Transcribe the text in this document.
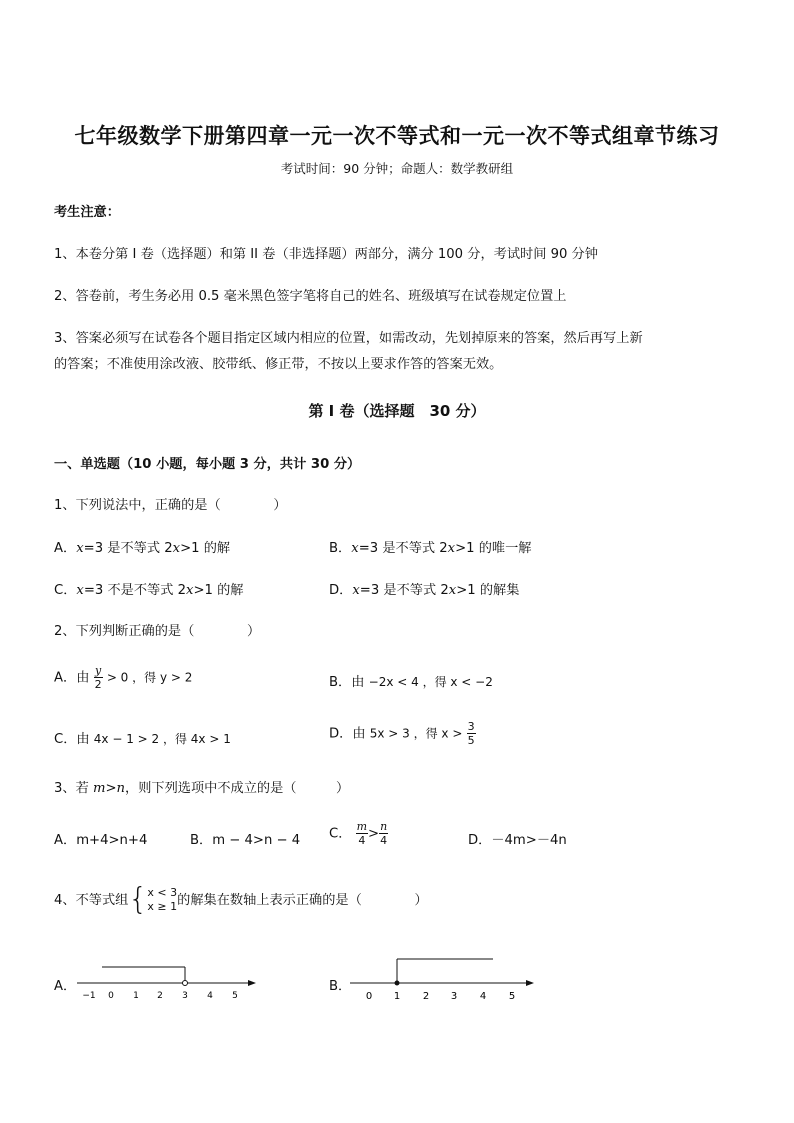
七年级数学下册第四章一元一次不等式和一元一次不等式组章节练习
考试时间：90 分钟；命题人：数学教研组
考生注意：
1、本卷分第 I 卷（选择题）和第 II 卷（非选择题）两部分，满分 100 分，考试时间 90 分钟
2、答卷前，考生务必用 0.5 毫米黑色签字笔将自己的姓名、班级填写在试卷规定位置上
3、答案必须写在试卷各个题目指定区域内相应的位置，如需改动，先划掉原来的答案，然后再写上新
的答案；不准使用涂改液、胶带纸、修正带，不按以上要求作答的答案无效。
第 I 卷（选择题　30 分）
一、单选题（10 小题，每小题 3 分，共计 30 分）
1、下列说法中，正确的是（　　　　）
A．x=3 是不等式 2x>1 的解	B．x=3 是不等式 2x>1 的唯一解
C．x=3 不是不等式 2x>1 的解	D．x=3 是不等式 2x>1 的解集
2、下列判断正确的是（　　　　）
A．由 $\frac{y}{2} > 0$ ，得 y > 2	B．由 −2x < 4 ，得 x < −2
C．由 4x − 1 > 2 ，得 4x > 1	D．由 5x > 3 ，得 $x > \frac{3}{5}$
3、若 m>n，则下列选项中不成立的是（　　　）
A．m+4>n+4	B．m − 4>n − 4 C． $\frac{m}{4} > \frac{n}{4}$	D．－4m>－4n
4、不等式组{ x < 3
x ≥ 1 的解集在数轴上表示正确的是（　　　　）
A．
−1 0 1 2 3 4 5
B．
0 1 2 3 4 5
